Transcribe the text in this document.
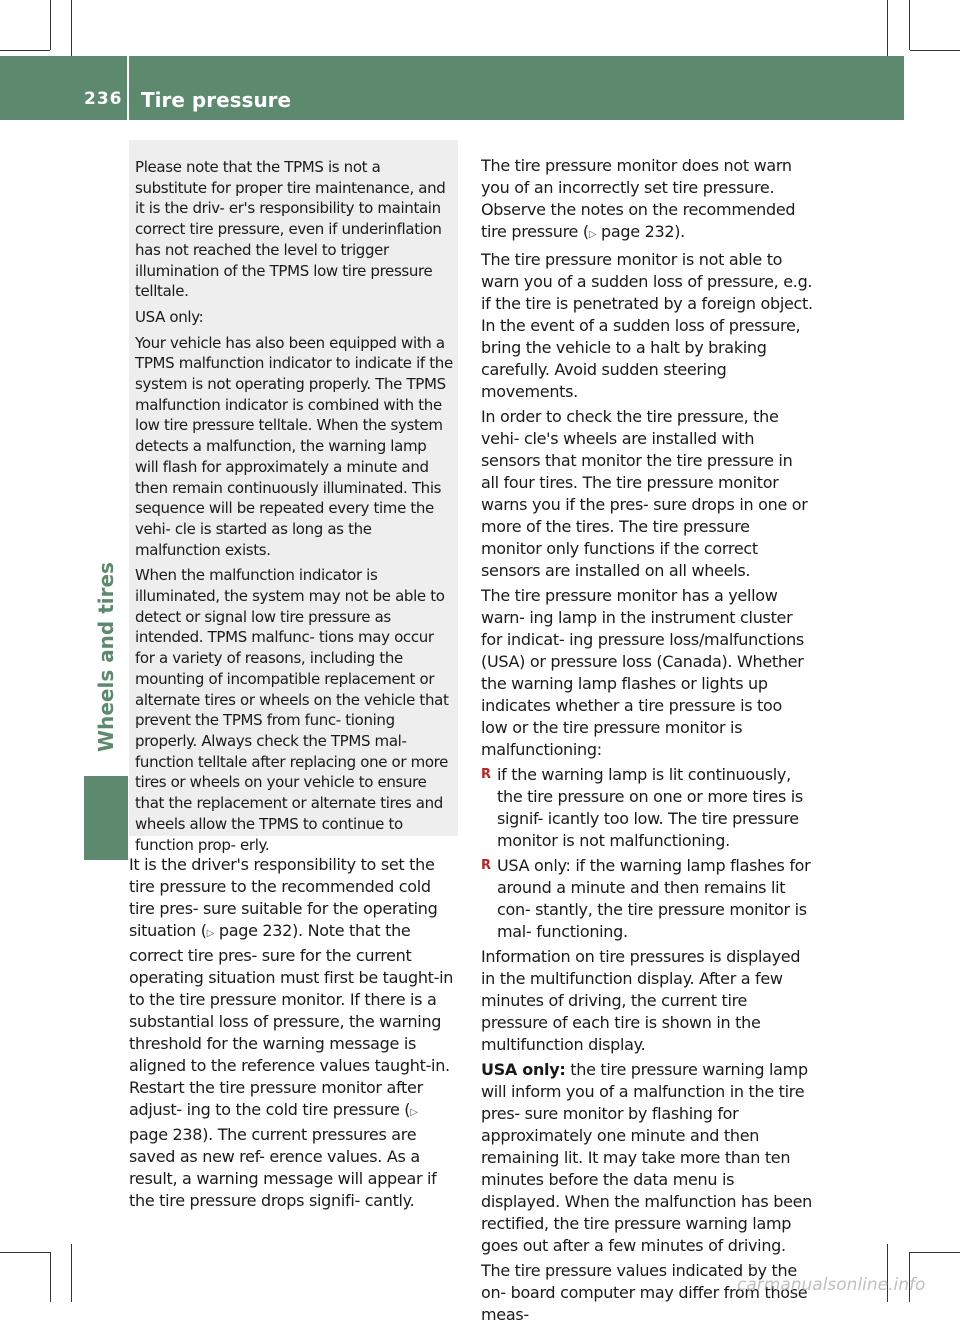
236 Tire pressure
Wheels and tires

Please note that the TPMS is not a substitute for proper tire maintenance, and it is the driv- er's responsibility to maintain correct tire pressure, even if underinflation has not reached the level to trigger illumination of the TPMS low tire pressure telltale.

USA only:

Your vehicle has also been equipped with a TPMS malfunction indicator to indicate if the system is not operating properly. The TPMS malfunction indicator is combined with the low tire pressure telltale. When the system detects a malfunction, the warning lamp will flash for approximately a minute and then remain continuously illuminated. This sequence will be repeated every time the vehi- cle is started as long as the malfunction exists.

When the malfunction indicator is illuminated, the system may not be able to detect or signal low tire pressure as intended. TPMS malfunc- tions may occur for a variety of reasons, including the mounting of incompatible replacement or alternate tires or wheels on the vehicle that prevent the TPMS from func- tioning properly. Always check the TPMS mal- function telltale after replacing one or more tires or wheels on your vehicle to ensure that the replacement or alternate tires and wheels allow the TPMS to continue to function prop- erly.

It is the driver's responsibility to set the tire pressure to the recommended cold tire pres- sure suitable for the operating situation (▷ page 232). Note that the correct tire pres- sure for the current operating situation must first be taught-in to the tire pressure monitor. If there is a substantial loss of pressure, the warning threshold for the warning message is aligned to the reference values taught-in. Restart the tire pressure monitor after adjust- ing to the cold tire pressure (▷ page 238). The current pressures are saved as new ref- erence values. As a result, a warning message will appear if the tire pressure drops signifi- cantly.

The tire pressure monitor does not warn you of an incorrectly set tire pressure. Observe the notes on the recommended tire pressure (▷ page 232).

The tire pressure monitor is not able to warn you of a sudden loss of pressure, e.g. if the tire is penetrated by a foreign object. In the event of a sudden loss of pressure, bring the vehicle to a halt by braking carefully. Avoid sudden steering movements.

In order to check the tire pressure, the vehi- cle's wheels are installed with sensors that monitor the tire pressure in all four tires. The tire pressure monitor warns you if the pres- sure drops in one or more of the tires. The tire pressure monitor only functions if the correct sensors are installed on all wheels.

The tire pressure monitor has a yellow warn- ing lamp in the instrument cluster for indicat- ing pressure loss/malfunctions (USA) or pressure loss (Canada). Whether the warning lamp flashes or lights up indicates whether a tire pressure is too low or the tire pressure monitor is malfunctioning:

R if the warning lamp is lit continuously, the tire pressure on one or more tires is signif- icantly too low. The tire pressure monitor is not malfunctioning.
R USA only: if the warning lamp flashes for around a minute and then remains lit con- stantly, the tire pressure monitor is mal- functioning.

Information on tire pressures is displayed in the multifunction display. After a few minutes of driving, the current tire pressure of each tire is shown in the multifunction display.

USA only: the tire pressure warning lamp will inform you of a malfunction in the tire pres- sure monitor by flashing for approximately one minute and then remaining lit. It may take more than ten minutes before the data menu is displayed. When the malfunction has been rectified, the tire pressure warning lamp goes out after a few minutes of driving.

The tire pressure values indicated by the on- board computer may differ from those meas-

carmanualsonline.info
